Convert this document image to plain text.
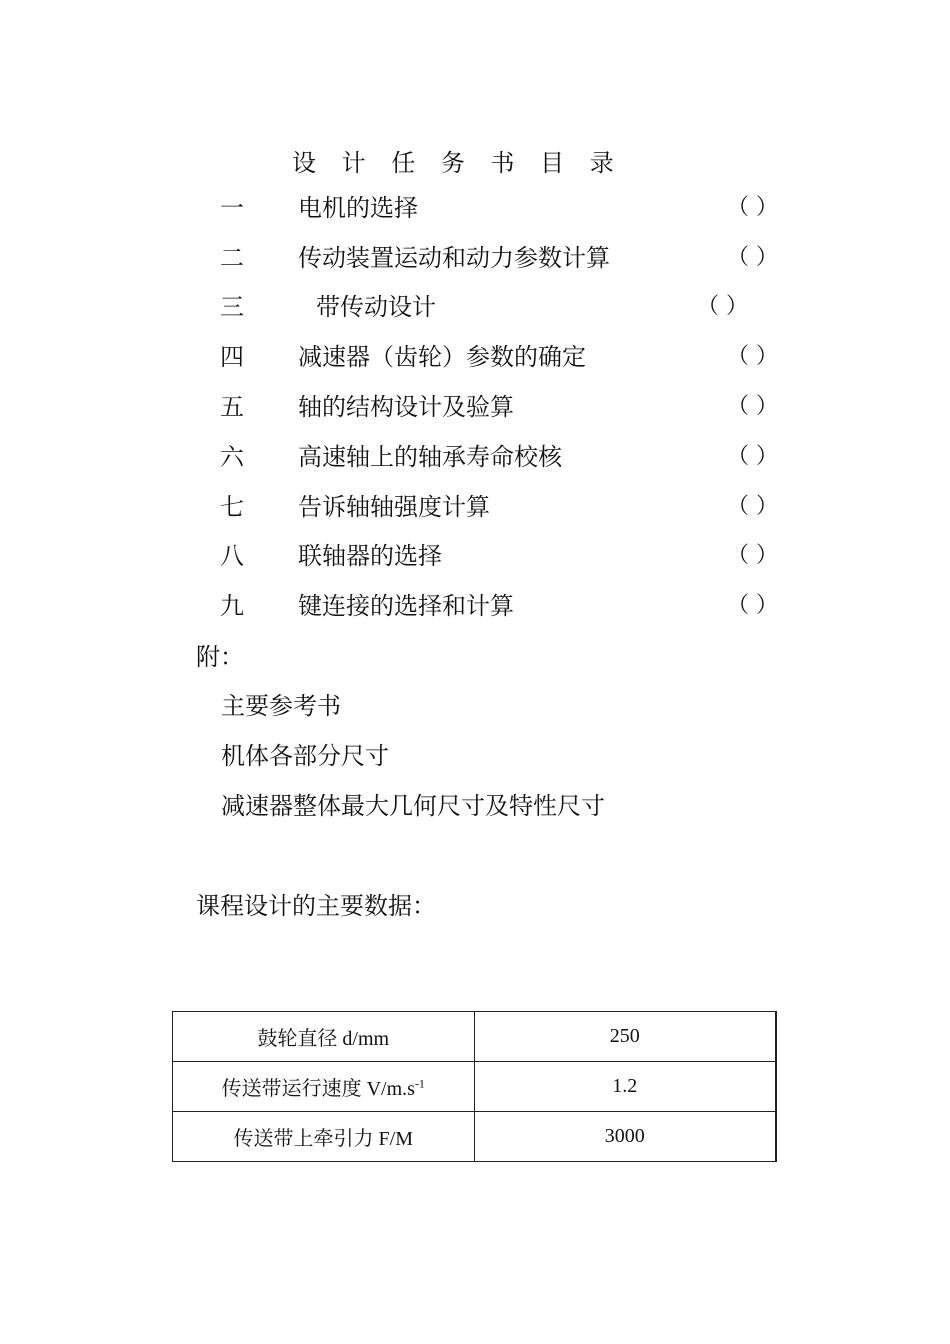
设 计 任 务 书 目 录
一 电机的选择	（ ）
二 传动装置运动和动力参数计算	（ ）
三	带传动设计	（ ）
四 减速器（齿轮）参数的确定	（ ）
五 轴的结构设计及验算	（ ）
六 高速轴上的轴承寿命校核	（ ）
七 告诉轴轴强度计算	（ ）
八 联轴器的选择	（ ）
九 键连接的选择和计算	（ ）
附：
主要参考书
机体各部分尺寸
减速器整体最大几何尺寸及特性尺寸
课程设计的主要数据：
鼓轮直径 d/mm	250
传送带运行速度 $V/m.s^{-1}$	1.2
传送带上牵引力 F/M	3000
